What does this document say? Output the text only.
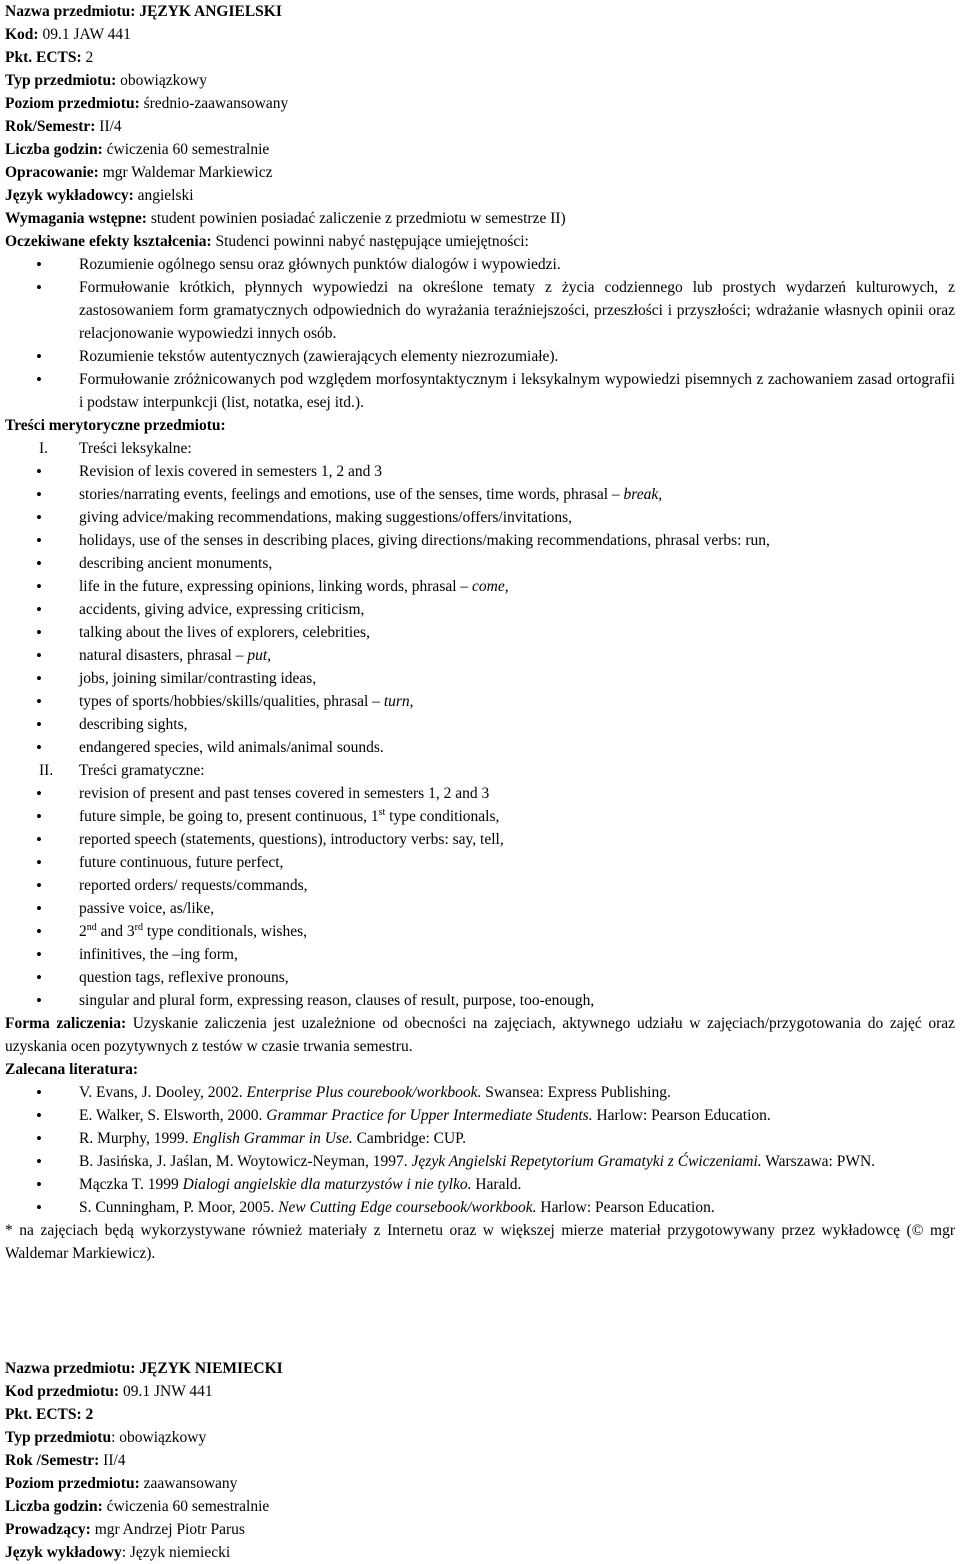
Nazwa przedmiotu: JĘZYK ANGIELSKI
Kod: 09.1 JAW 441
Pkt. ECTS: 2
Typ przedmiotu: obowiązkowy
Poziom przedmiotu: średnio-zaawansowany
Rok/Semestr: II/4
Liczba godzin: ćwiczenia 60 semestralnie
Opracowanie: mgr Waldemar Markiewicz
Język wykładowcy: angielski
Wymagania wstępne: student powinien posiadać zaliczenie z przedmiotu w semestrze II)
Oczekiwane efekty kształcenia: Studenci powinni nabyć następujące umiejętności:
• Rozumienie ogólnego sensu oraz głównych punktów dialogów i wypowiedzi.
• Formułowanie krótkich, płynnych wypowiedzi na określone tematy z życia codziennego lub prostych wydarzeń kulturowych, z zastosowaniem form gramatycznych odpowiednich do wyrażania teraźniejszości, przeszłości i przyszłości; wdrażanie własnych opinii oraz relacjonowanie wypowiedzi innych osób.
• Rozumienie tekstów autentycznych (zawierających elementy niezrozumiałe).
• Formułowanie zróżnicowanych pod względem morfosyntaktycznym i leksykalnym wypowiedzi pisemnych z zachowaniem zasad ortografii i podstaw interpunkcji (list, notatka, esej itd.).
Treści merytoryczne przedmiotu:
I. Treści leksykalne:
• Revision of lexis covered in semesters 1, 2 and 3
• stories/narrating events, feelings and emotions, use of the senses, time words, phrasal – break,
• giving advice/making recommendations, making suggestions/offers/invitations,
• holidays, use of the senses in describing places, giving directions/making recommendations, phrasal verbs: run,
• describing ancient monuments,
• life in the future, expressing opinions, linking words, phrasal – come,
• accidents, giving advice, expressing criticism,
• talking about the lives of explorers, celebrities,
• natural disasters, phrasal – put,
• jobs, joining similar/contrasting ideas,
• types of sports/hobbies/skills/qualities, phrasal – turn,
• describing sights,
• endangered species, wild animals/animal sounds.
II. Treści gramatyczne:
• revision of present and past tenses covered in semesters 1, 2 and 3
• future simple, be going to, present continuous, 1st type conditionals,
• reported speech (statements, questions), introductory verbs: say, tell,
• future continuous, future perfect,
• reported orders/ requests/commands,
• passive voice, as/like,
• 2nd and 3rd type conditionals, wishes,
• infinitives, the –ing form,
• question tags, reflexive pronouns,
• singular and plural form, expressing reason, clauses of result, purpose, too-enough,
Forma zaliczenia: Uzyskanie zaliczenia jest uzależnione od obecności na zajęciach, aktywnego udziału w zajęciach/przygotowania do zajęć oraz uzyskania ocen pozytywnych z testów w czasie trwania semestru.
Zalecana literatura:
• V. Evans, J. Dooley, 2002. Enterprise Plus courebook/workbook. Swansea: Express Publishing.
• E. Walker, S. Elsworth, 2000. Grammar Practice for Upper Intermediate Students. Harlow: Pearson Education.
• R. Murphy, 1999. English Grammar in Use. Cambridge: CUP.
• B. Jasińska, J. Jaślan, M. Woytowicz-Neyman, 1997. Język Angielski Repetytorium Gramatyki z Ćwiczeniami. Warszawa: PWN.
• Mączka T. 1999 Dialogi angielskie dla maturzystów i nie tylko. Harald.
• S. Cunningham, P. Moor, 2005. New Cutting Edge coursebook/workbook. Harlow: Pearson Education.
* na zajęciach będą wykorzystywane również materiały z Internetu oraz w większej mierze materiał przygotowywany przez wykładowcę (© mgr Waldemar Markiewicz).
Nazwa przedmiotu: JĘZYK NIEMIECKI
Kod przedmiotu: 09.1 JNW 441
Pkt. ECTS: 2
Typ przedmiotu: obowiązkowy
Rok /Semestr: II/4
Poziom przedmiotu: zaawansowany
Liczba godzin: ćwiczenia 60 semestralnie
Prowadzący: mgr Andrzej Piotr Parus
Język wykładowy: Język niemiecki
